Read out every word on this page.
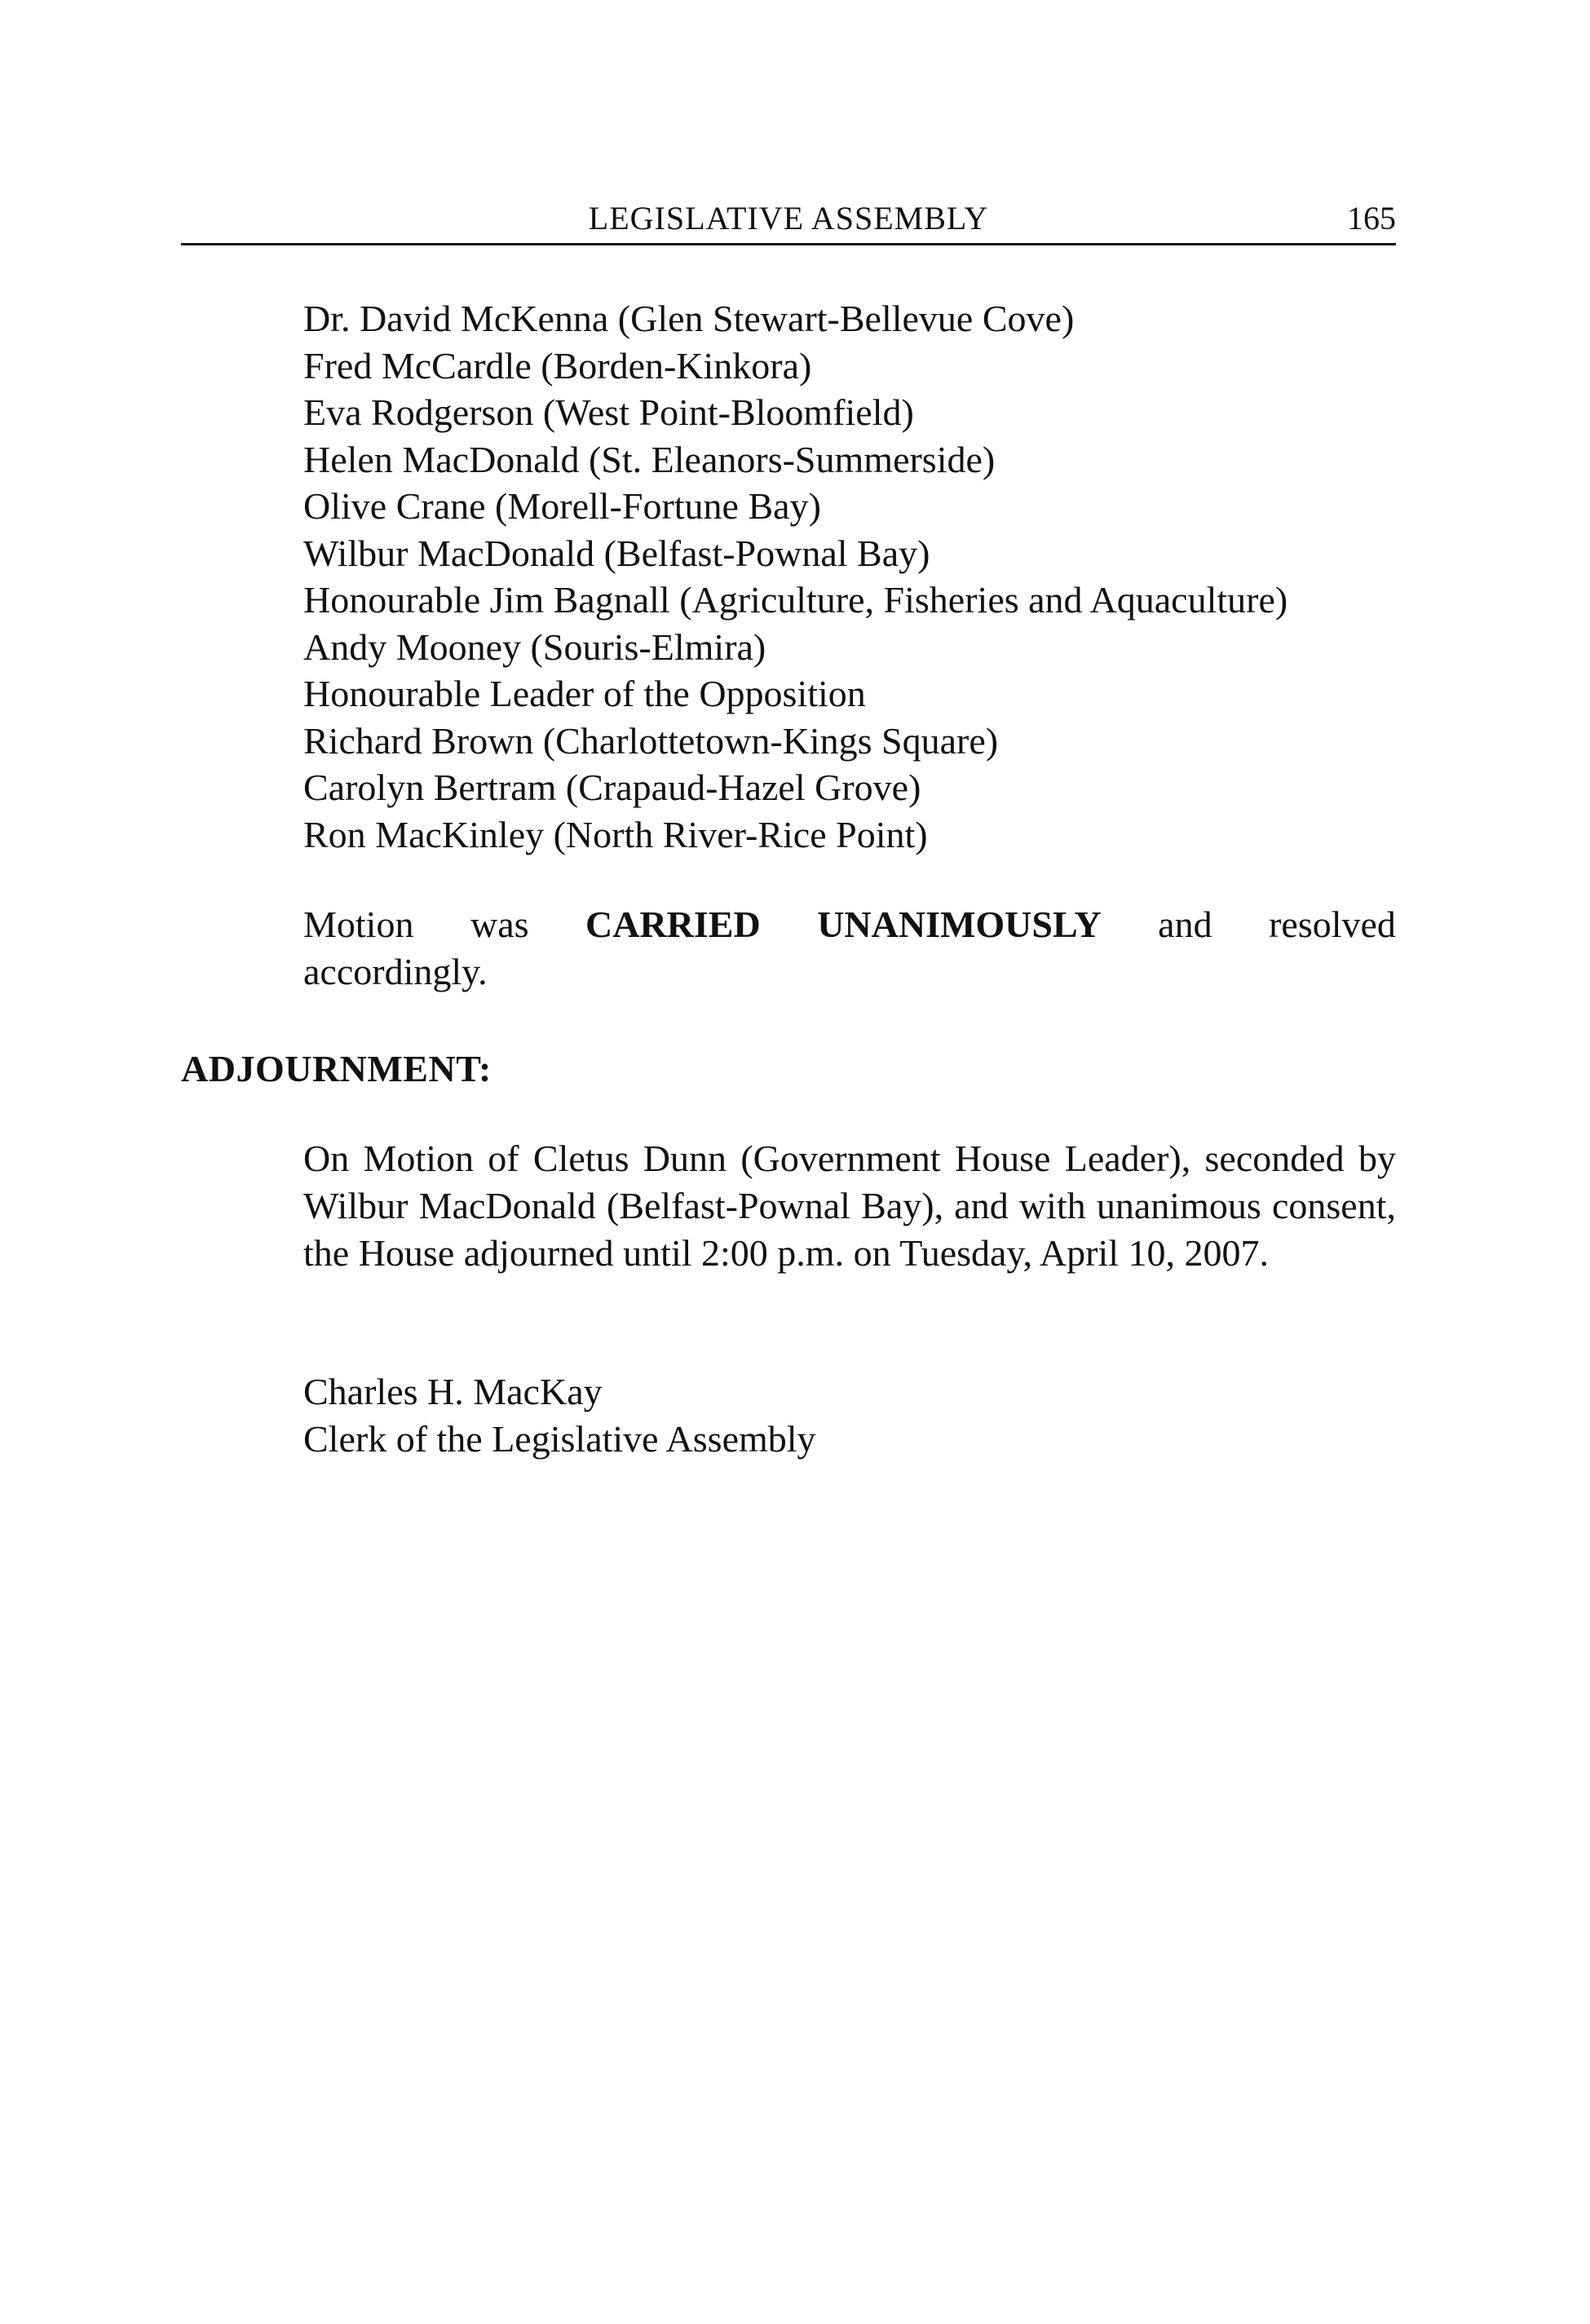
LEGISLATIVE ASSEMBLY	165
Dr. David McKenna (Glen Stewart-Bellevue Cove)
Fred McCardle (Borden-Kinkora)
Eva Rodgerson (West Point-Bloomfield)
Helen MacDonald (St. Eleanors-Summerside)
Olive Crane (Morell-Fortune Bay)
Wilbur MacDonald (Belfast-Pownal Bay)
Honourable Jim Bagnall (Agriculture, Fisheries and Aquaculture)
Andy Mooney (Souris-Elmira)
Honourable Leader of the Opposition
Richard Brown (Charlottetown-Kings Square)
Carolyn Bertram (Crapaud-Hazel Grove)
Ron MacKinley (North River-Rice Point)
Motion was CARRIED UNANIMOUSLY and resolved
accordingly.
ADJOURNMENT:
On Motion of Cletus Dunn (Government House Leader), seconded by Wilbur MacDonald (Belfast-Pownal Bay), and with unanimous consent, the House adjourned until 2:00 p.m. on Tuesday, April 10, 2007.
Charles H. MacKay
Clerk of the Legislative Assembly
